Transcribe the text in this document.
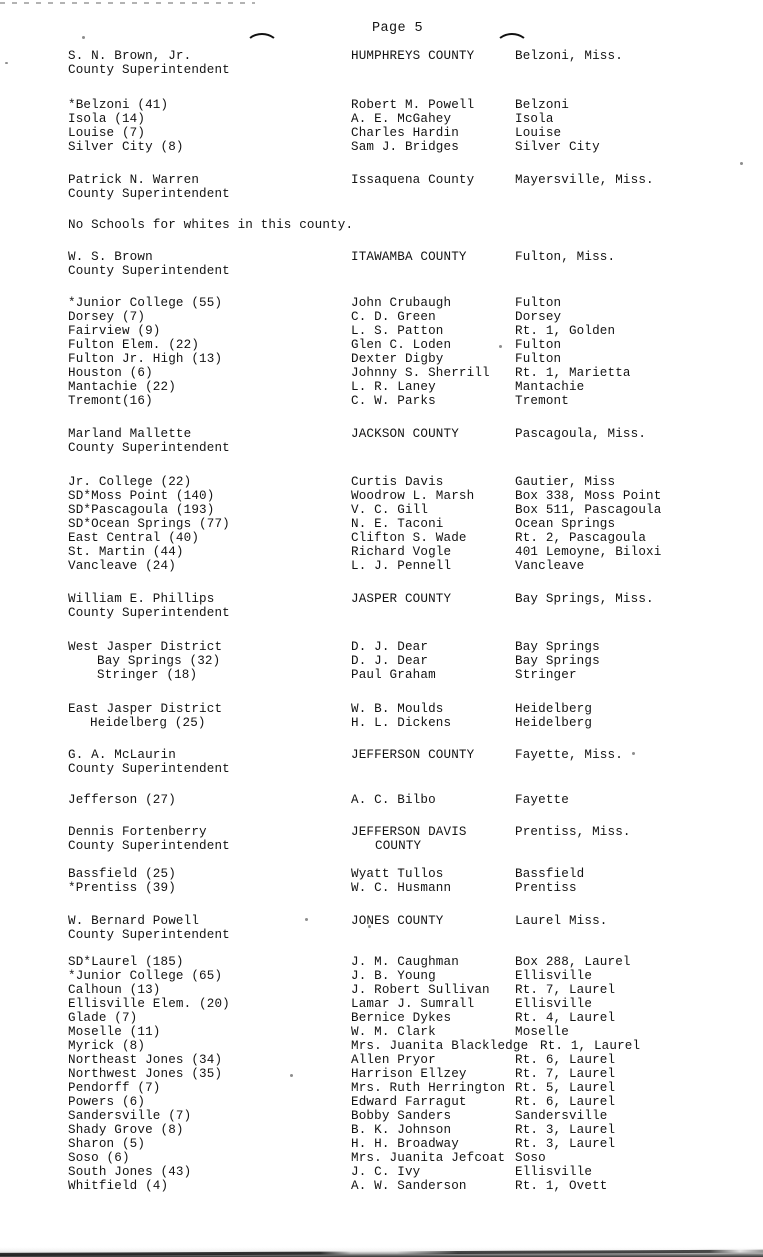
Page 5
S. N. Brown, Jr.	HUMPHREYS COUNTY	Belzoni, Miss.
County Superintendent
*Belzoni (41)	Robert M. Powell	Belzoni
Isola (14)	A. E. McGahey	Isola
Louise (7)	Charles Hardin	Louise
Silver City (8)	Sam J. Bridges	Silver City
Patrick N. Warren	Issaquena County	Mayersville, Miss.
County Superintendent
No Schools for whites in this county.
W. S. Brown	ITAWAMBA COUNTY	Fulton, Miss.
County Superintendent
*Junior College (55)	John Crubaugh	Fulton
Dorsey (7)	C. D. Green	Dorsey
Fairview (9)	L. S. Patton	Rt. 1, Golden
Fulton Elem. (22)	Glen C. Loden	Fulton
Fulton Jr. High (13)	Dexter Digby	Fulton
Houston (6)	Johnny S. Sherrill Rt. 1, Marietta
Mantachie (22)	L. R. Laney	Mantachie
Tremont(16)	C. W. Parks	Tremont
Marland Mallette	JACKSON COUNTY	Pascagoula, Miss.
County Superintendent
Jr. College (22)	Curtis Davis	Gautier, Miss
SD*Moss Point (140)	Woodrow L. Marsh	Box 338, Moss Point
SD*Pascagoula (193)	V. C. Gill	Box 511, Pascagoula
SD*Ocean Springs (77)	N. E. Taconi	Ocean Springs
East Central (40)	Clifton S. Wade	Rt. 2, Pascagoula
St. Martin (44)	Richard Vogle	401 Lemoyne, Biloxi
Vancleave (24)	L. J. Pennell	Vancleave
William E. Phillips	JASPER COUNTY	Bay Springs, Miss.
County Superintendent
West Jasper District	D. J. Dear	Bay Springs
Bay Springs (32)	D. J. Dear	Bay Springs
Stringer (18)	Paul Graham	Stringer
East Jasper District	W. B. Moulds	Heidelberg
Heidelberg (25)	H. L. Dickens	Heidelberg
G. A. McLaurin	JEFFERSON COUNTY	Fayette, Miss.
County Superintendent
Jefferson (27)	A. C. Bilbo	Fayette
Dennis Fortenberry	JEFFERSON DAVIS	Prentiss, Miss.
County Superintendent	COUNTY
Bassfield (25)	Wyatt Tullos	Bassfield
*Prentiss (39)	W. C. Husmann	Prentiss
W. Bernard Powell	JONES COUNTY	Laurel Miss.
County Superintendent
SD*Laurel (185)	J. M. Caughman	Box 288, Laurel
*Junior College (65)	J. B. Young	Ellisville
Calhoun (13)	J. Robert Sullivan Rt. 7, Laurel
Ellisville Elem. (20)	Lamar J. Sumrall	Ellisville
Glade (7)	Bernice Dykes	Rt. 4, Laurel
Moselle (11)	W. M. Clark	Moselle
Myrick (8)	Mrs. Juanita Blackledge Rt. 1, Laurel
Northeast Jones (34)	Allen Pryor	Rt. 6, Laurel
Northwest Jones (35)	Harrison Ellzey	Rt. 7, Laurel
Pendorff (7)	Mrs. Ruth Herrington Rt. 5, Laurel
Powers (6)	Edward Farragut	Rt. 6, Laurel
Sandersville (7)	Bobby Sanders	Sandersville
Shady Grove (8)	B. K. Johnson	Rt. 3, Laurel
Sharon (5)	H. H. Broadway	Rt. 3, Laurel
Soso (6)	Mrs. Juanita Jefcoat Soso
South Jones (43)	J. C. Ivy	Ellisville
Whitfield (4)	A. W. Sanderson	Rt. 1, Ovett
